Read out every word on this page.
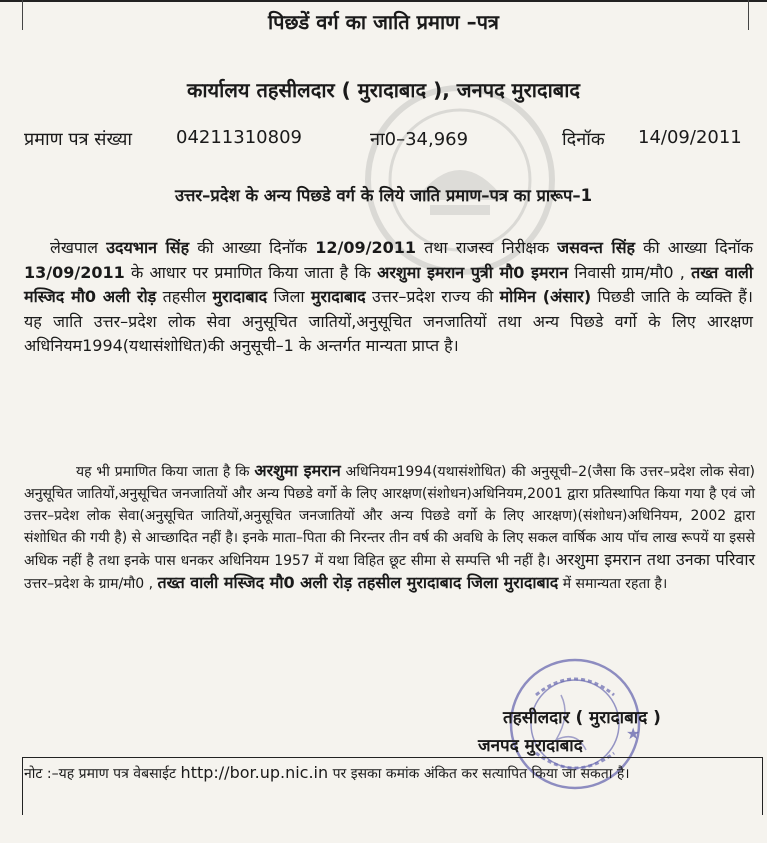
पिछडें वर्ग का जाति प्रमाण –पत्र
कार्यालय तहसीलदार ( मुरादाबाद ), जनपद मुरादाबाद
प्रमाण पत्र संख्या 04211310809	ना0–34,969	दिनॉक 14/09/2011
उत्तर–प्रदेश के अन्य पिछडे वर्ग के लिये जाति प्रमाण–पत्र का प्रारूप–1
लेखपाल उदयभान सिंह की आख्या दिनॉक 12/09/2011 तथा राजस्व निरीक्षक जसवन्त सिंह की आख्या दिनॉक 13/09/2011 के आधार पर प्रमाणित किया जाता है कि अरशुमा इमरान पुत्री मौ0 इमरान निवासी ग्राम/मौ0 , तख्त वाली मस्जिद मौ0 अली रोड़ तहसील मुरादाबाद जिला मुरादाबाद उत्तर–प्रदेश राज्य की मोमिन (अंसार) पिछडी जाति के व्यक्ति हैं। यह जाति उत्तर–प्रदेश लोक सेवा अनुसूचित जातियों,अनुसूचित जनजातियों तथा अन्य पिछडे वर्गो के लिए आरक्षण अधिनियम1994(यथासंशोधित)की अनुसूची–1 के अन्तर्गत मान्यता प्राप्त है।
यह भी प्रमाणित किया जाता है कि अरशुमा इमरान अधिनियम1994(यथासंशोधित) की अनुसूची–2(जैसा कि उत्तर–प्रदेश लोक सेवा) अनुसूचित जातियों,अनुसूचित जनजातियों और अन्य पिछडे वर्गो के लिए आरक्षण(संशोधन)अधिनियम,2001 द्वारा प्रतिस्थापित किया गया है एवं जो उत्तर–प्रदेश लोक सेवा(अनुसूचित जातियों,अनुसूचित जनजातियों और अन्य पिछडे वर्गो के लिए आरक्षण)(संशोधन)अधिनियम, 2002 द्वारा संशोधित की गयी है) से आच्छादित नहीं है। इनके माता–पिता की निरन्तर तीन वर्ष की अवधि के लिए सकल वार्षिक आय पॉच लाख रूपयें या इससे अधिक नहीं है तथा इनके पास धनकर अधिनियम 1957 में यथा विहित छूट सीमा से सम्पत्ति भी नहीं है। अरशुमा इमरान तथा उनका परिवार उत्तर–प्रदेश के ग्राम/मौ0 , तख्त वाली मस्जिद मौ0 अली रोड़ तहसील मुरादाबाद जिला मुरादाबाद में समान्यता रहता है।
★
तहसीलदार ( मुरादाबाद )
जनपद मुरादाबाद
नोट :–यह प्रमाण पत्र वेबसाईट http://bor.up.nic.in पर इसका कमांक अंकित कर सत्यापित किया जा सकता है।
